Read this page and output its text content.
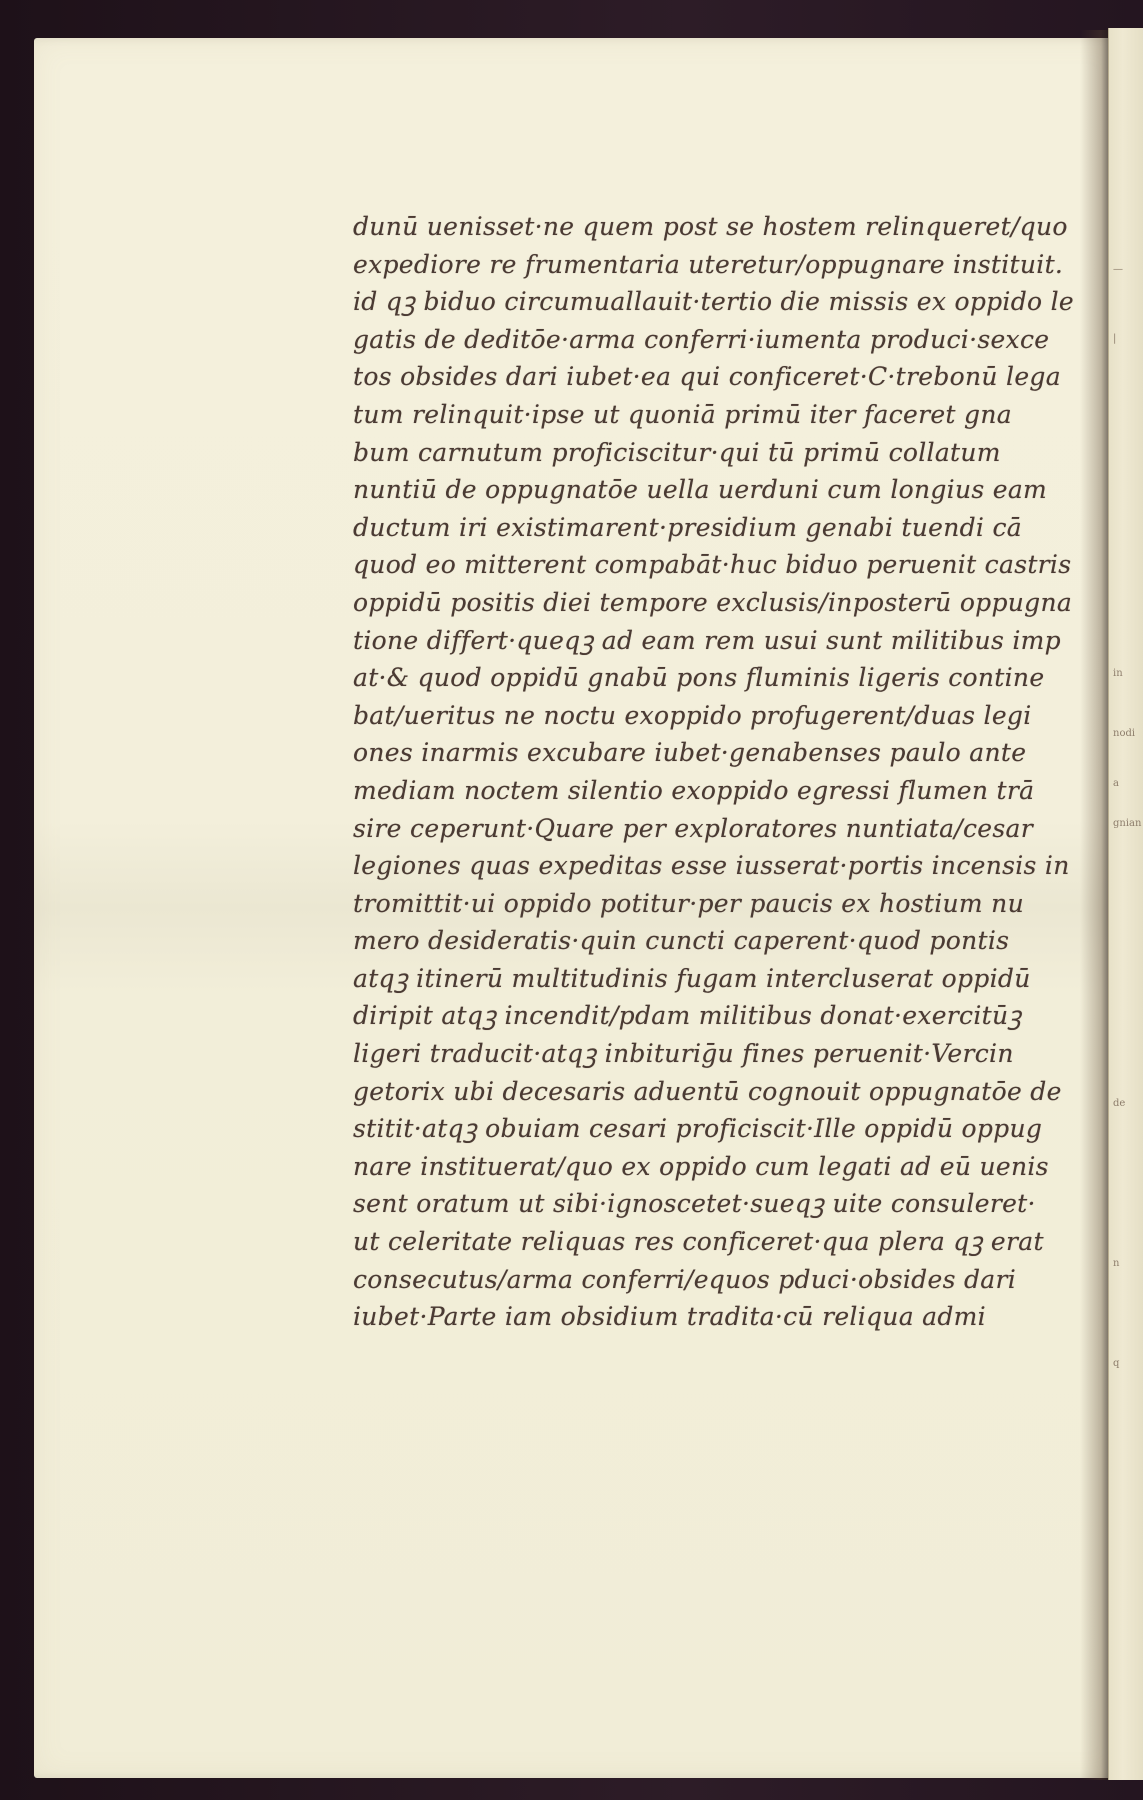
—
|
in
nodi
a
gnian
de
n
q
dunū uenisset·ne quem post se hostem relinqueret/quo
expediore re frumentaria uteretur/oppugnare instituit.
id qꝫ biduo circumuallauit·tertio die missis ex oppido le
gatis de deditōe·arma conferri·iumenta produci·sexce
tos obsides dari iubet·ea qui conficeret·C·trebonū lega
tum relinquit·ipse ut quoniā primū iter faceret gna
bum carnutum proficiscitur·qui tū primū collatum
nuntiū de oppugnatōe uella uerduni cum longius eam
ductum iri existimarent·presidium genabi tuendi cā
quod eo mitterent compabāt·huc biduo peruenit castris
oppidū positis diei tempore exclusis/inposterū oppugna
tione differt·queqꝫ ad eam rem usui sunt militibus imp
at·& quod oppidū gnabū pons fluminis ligeris contine
bat/ueritus ne noctu exoppido profugerent/duas legi
ones inarmis excubare iubet·genabenses paulo ante
mediam noctem silentio exoppido egressi flumen trā
sire ceperunt·Quare per exploratores nuntiata/cesar
legiones quas expeditas esse iusserat·portis incensis in
tromittit·ui oppido potitur·per paucis ex hostium nu
mero desideratis·quin cuncti caperent·quod pontis
atqꝫ itinerū multitudinis fugam intercluserat oppidū
diripit atqꝫ incendit/pdam militibus donat·exercitūꝫ
ligeri traducit·atqꝫ inbituriḡu fines peruenit·Vercin
getorix ubi decesaris aduentū cognouit oppugnatōe de
stitit·atqꝫ obuiam cesari proficiscit·Ille oppidū oppug
nare instituerat/quo ex oppido cum legati ad eū uenis
sent oratum ut sibi·ignoscetet·sueqꝫ uite consuleret·
ut celeritate reliquas res conficeret·qua plera qꝫ erat
consecutus/arma conferri/equos pduci·obsides dari
iubet·Parte iam obsidium tradita·cū reliqua admi
